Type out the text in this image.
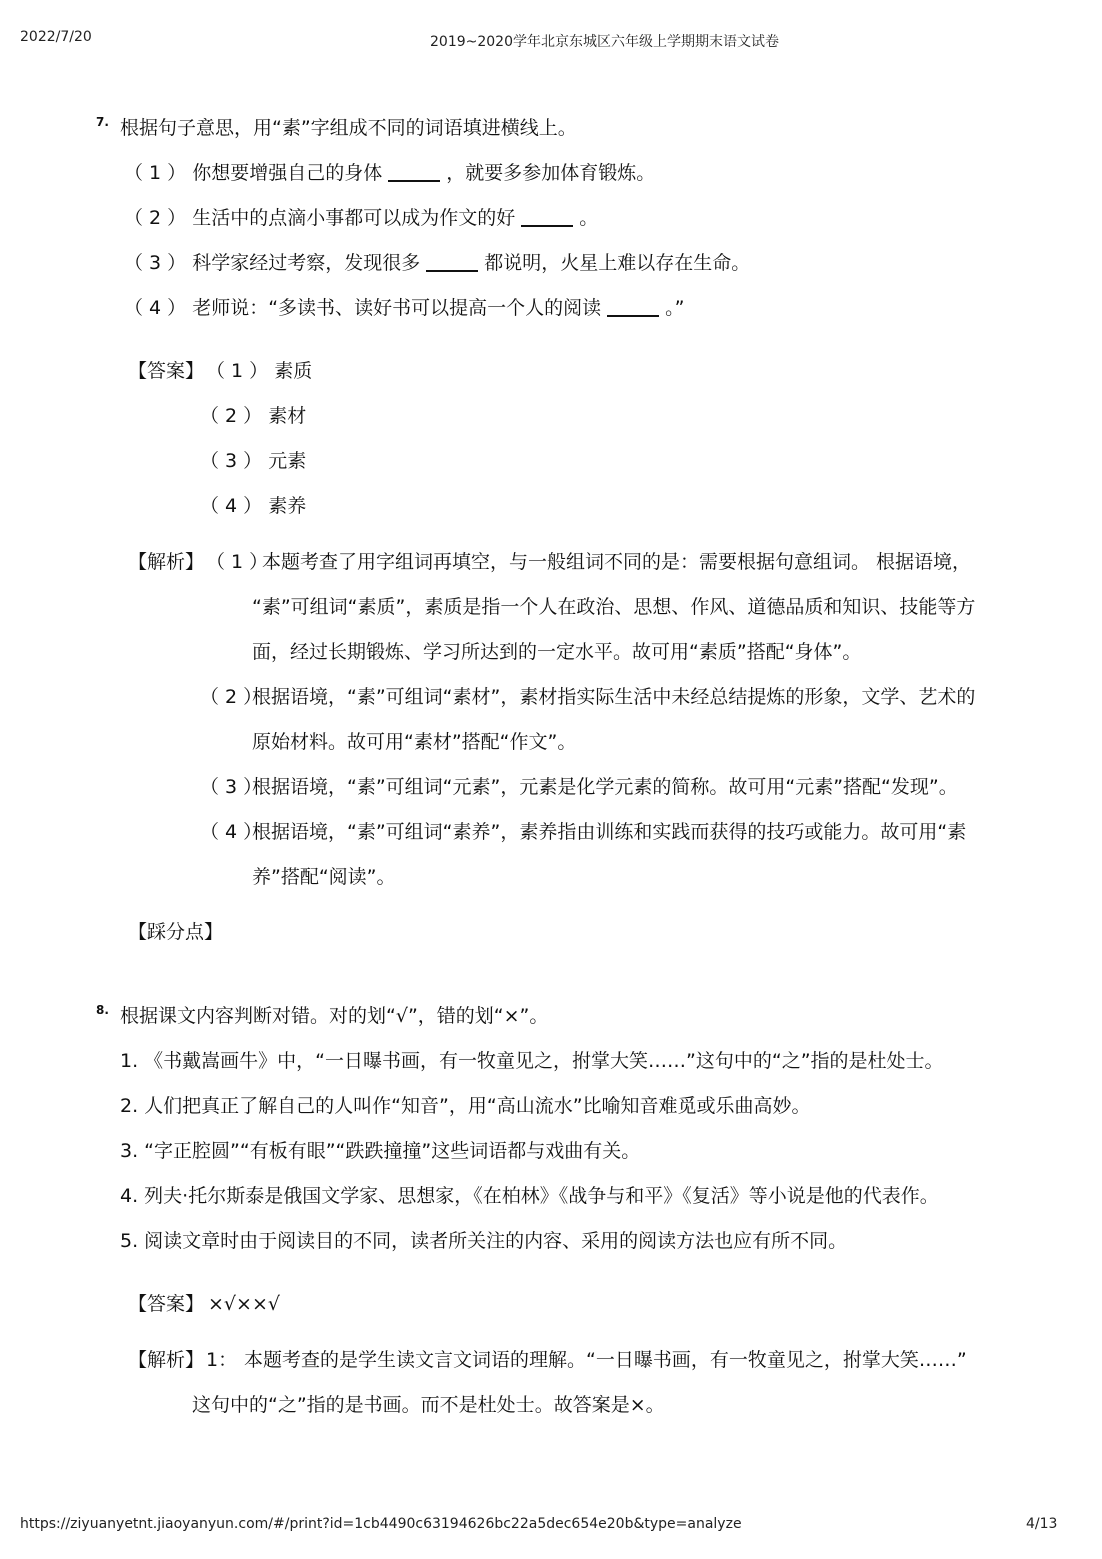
2022/7/20	2019~2020学年北京东城区六年级上学期期末语文试卷
7. 根据句子意思，用“素”字组成不同的词语填进横线上。
（ 1 ） 你想要增强自己的身体	，就要多参加体育锻炼。
（ 2 ） 生活中的点滴小事都可以成为作文的好	。
（ 3 ） 科学家经过考察，发现很多	都说明，火星上难以存在生命。
（ 4 ） 老师说：“多读书、读好书可以提高一个人的阅读	。”
【答案】 （ 1 ） 素质
（ 2 ） 素材
（ 3 ） 元素
（ 4 ） 素养
【解析】 （ 1 ）
本题考查了用字组词再填空，与一般组词不同的是：需要根据句意组词。 根据语境，
“素”可组词“素质”，素质是指一个人在政治、思想、作风、道德品质和知识、技能等方
面，经过长期锻炼、学习所达到的一定水平。故可用“素质”搭配“身体”。
（ 2 ）
根据语境，“素”可组词“素材”，素材指实际生活中未经总结提炼的形象，文学、艺术的
原始材料。故可用“素材”搭配“作文”。
（ 3 ）
根据语境，“素”可组词“元素”，元素是化学元素的简称。故可用“元素”搭配“发现”。
（ 4 ）
根据语境，“素”可组词“素养”，素养指由训练和实践而获得的技巧或能力。故可用“素
养”搭配“阅读”。
【踩分点】
8. 根据课文内容判断对错。对的划“√”，错的划“×”。
1. 《书戴嵩画牛》中，“一日曝书画，有一牧童见之，拊掌大笑……”这句中的“之”指的是杜处士。
2. 人们把真正了解自己的人叫作“知音”，用“高山流水”比喻知音难觅或乐曲高妙。
3. “字正腔圆”“有板有眼”“跌跌撞撞”这些词语都与戏曲有关。
4. 列夫·托尔斯泰是俄国文学家、思想家，《在柏林》《战争与和平》《复活》等小说是他的代表作。
5. 阅读文章时由于阅读目的不同，读者所关注的内容、采用的阅读方法也应有所不同。
【答案】 ×√××√
【解析】 1： 本题考查的是学生读文言文词语的理解。“一日曝书画，有一牧童见之，拊掌大笑……”
这句中的“之”指的是书画。而不是杜处士。故答案是×。
https://ziyuanyetnt.jiaoyanyun.com/#/print?id=1cb4490c63194626bc22a5dec654e20b&type=analyze	4/13
